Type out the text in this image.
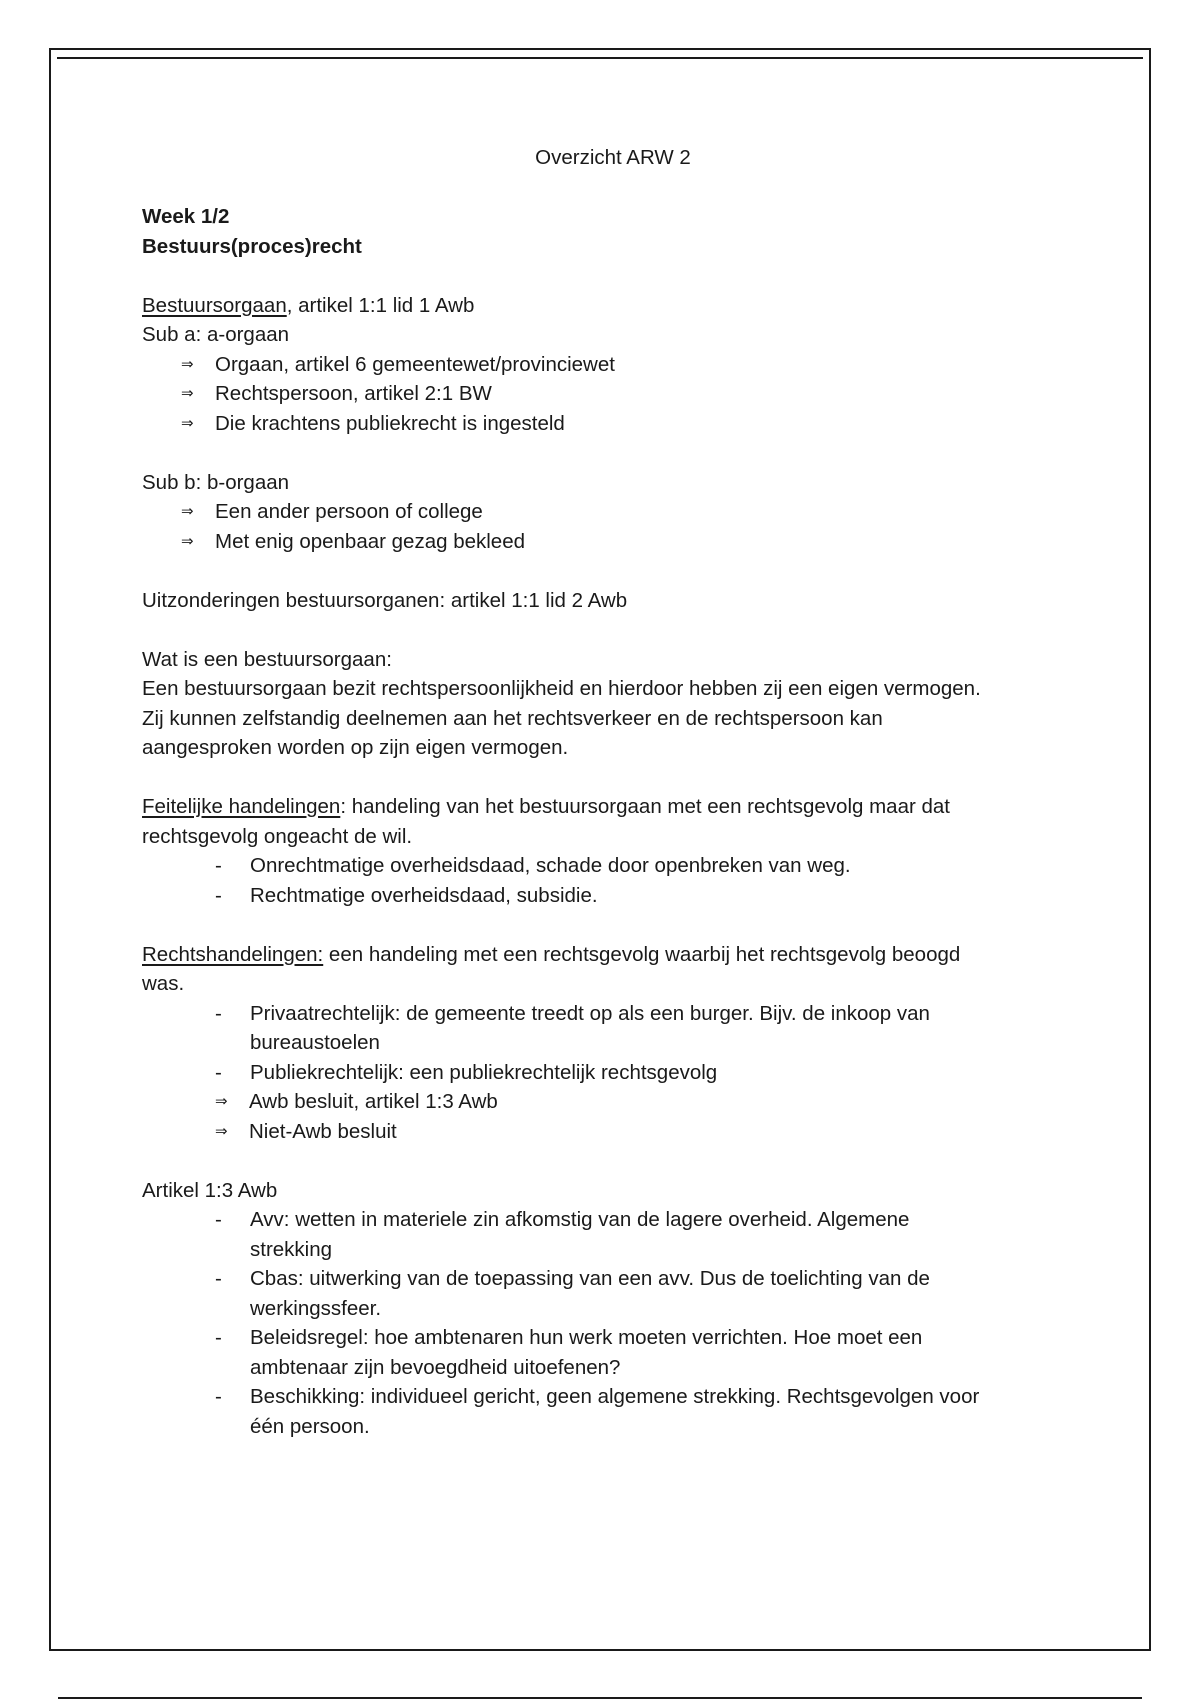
Overzicht ARW 2

Week 1/2

Bestuurs(proces)recht

Bestuursorgaan, artikel 1:1 lid 1 Awb

Sub a: a-orgaan

⇒ Orgaan, artikel 6 gemeentewet/provinciewet
⇒ Rechtspersoon, artikel 2:1 BW
⇒ Die krachtens publiekrecht is ingesteld

Sub b: b-orgaan

⇒ Een ander persoon of college
⇒ Met enig openbaar gezag bekleed

Uitzonderingen bestuursorganen: artikel 1:1 lid 2 Awb

Wat is een bestuursorgaan:

Een bestuursorgaan bezit rechtspersoonlijkheid en hierdoor hebben zij een eigen vermogen.

Zij kunnen zelfstandig deelnemen aan het rechtsverkeer en de rechtspersoon kan

aangesproken worden op zijn eigen vermogen.

Feitelijke handelingen: handeling van het bestuursorgaan met een rechtsgevolg maar dat

rechtsgevolg ongeacht de wil.

- Onrechtmatige overheidsdaad, schade door openbreken van weg.
- Rechtmatige overheidsdaad, subsidie.

Rechtshandelingen: een handeling met een rechtsgevolg waarbij het rechtsgevolg beoogd

was.

- Privaatrechtelijk: de gemeente treedt op als een burger. Bijv. de inkoop van
bureaustoelen
- Publiekrechtelijk: een publiekrechtelijk rechtsgevolg
⇒ Awb besluit, artikel 1:3 Awb
⇒ Niet-Awb besluit

Artikel 1:3 Awb

- Avv: wetten in materiele zin afkomstig van de lagere overheid. Algemene
strekking
- Cbas: uitwerking van de toepassing van een avv. Dus de toelichting van de
werkingssfeer.
- Beleidsregel: hoe ambtenaren hun werk moeten verrichten. Hoe moet een
ambtenaar zijn bevoegdheid uitoefenen?
- Beschikking: individueel gericht, geen algemene strekking. Rechtsgevolgen voor
één persoon.
